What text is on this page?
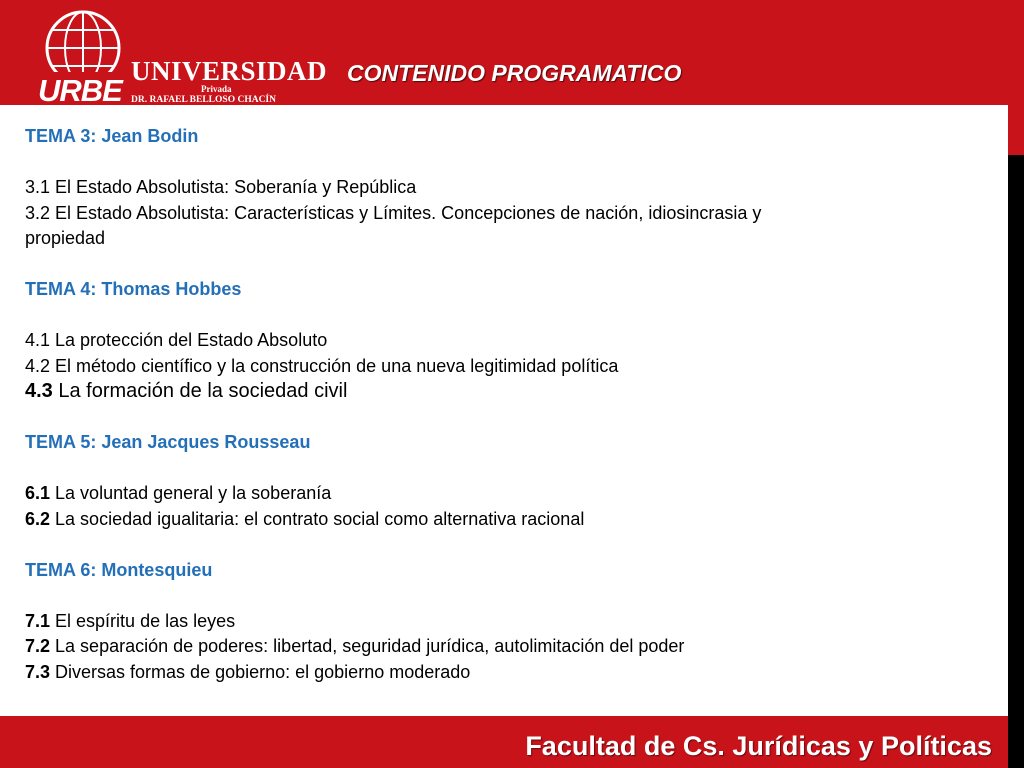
URBE
UNIVERSIDAD
Privada
DR. RAFAEL BELLOSO CHACÍN
CONTENIDO PROGRAMATICO
TEMA 3: Jean Bodin
3.1 El Estado Absolutista: Soberanía y República
3.2 El Estado Absolutista: Características y Límites. Concepciones de nación, idiosincrasia y
propiedad
TEMA 4: Thomas Hobbes
4.1 La protección del Estado Absoluto
4.2 El método científico y la construcción de una nueva legitimidad política
4.3 La formación de la sociedad civil
TEMA 5: Jean Jacques Rousseau
6.1 La voluntad general y la soberanía
6.2 La sociedad igualitaria: el contrato social como alternativa racional
TEMA 6: Montesquieu
7.1 El espíritu de las leyes
7.2 La separación de poderes: libertad, seguridad jurídica, autolimitación del poder
7.3 Diversas formas de gobierno: el gobierno moderado
Facultad de Cs. Jurídicas y Políticas
